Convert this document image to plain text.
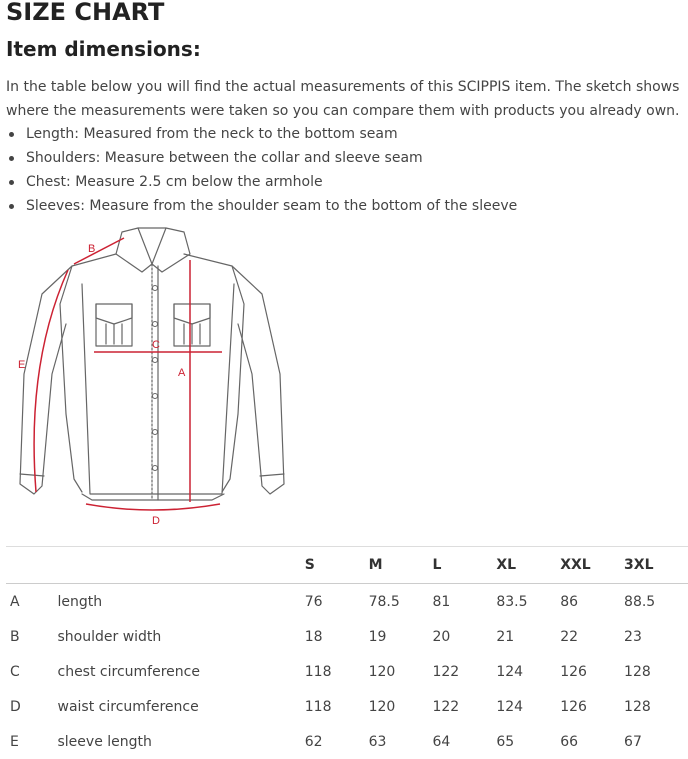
SIZE CHART
Item dimensions:

In the table below you will find the actual measurements of this SCIPPIS item. The sketch shows where the measurements were taken so you can compare them with products you already own.

Length: Measured from the neck to the bottom seam
Shoulders: Measure between the collar and sleeve seam
Chest: Measure 2.5 cm below the armhole
Sleeves: Measure from the shoulder seam to the bottom of the sleeve
B
C
A
D
E
		S	M	L	XL	XXL	3XL
A	length	76	78.5	81	83.5	86	88.5
B	shoulder width	18	19	20	21	22	23
C	chest circumference	118	120	122	124	126	128
D	waist circumference	118	120	122	124	126	128
E	sleeve length	62	63	64	65	66	67
